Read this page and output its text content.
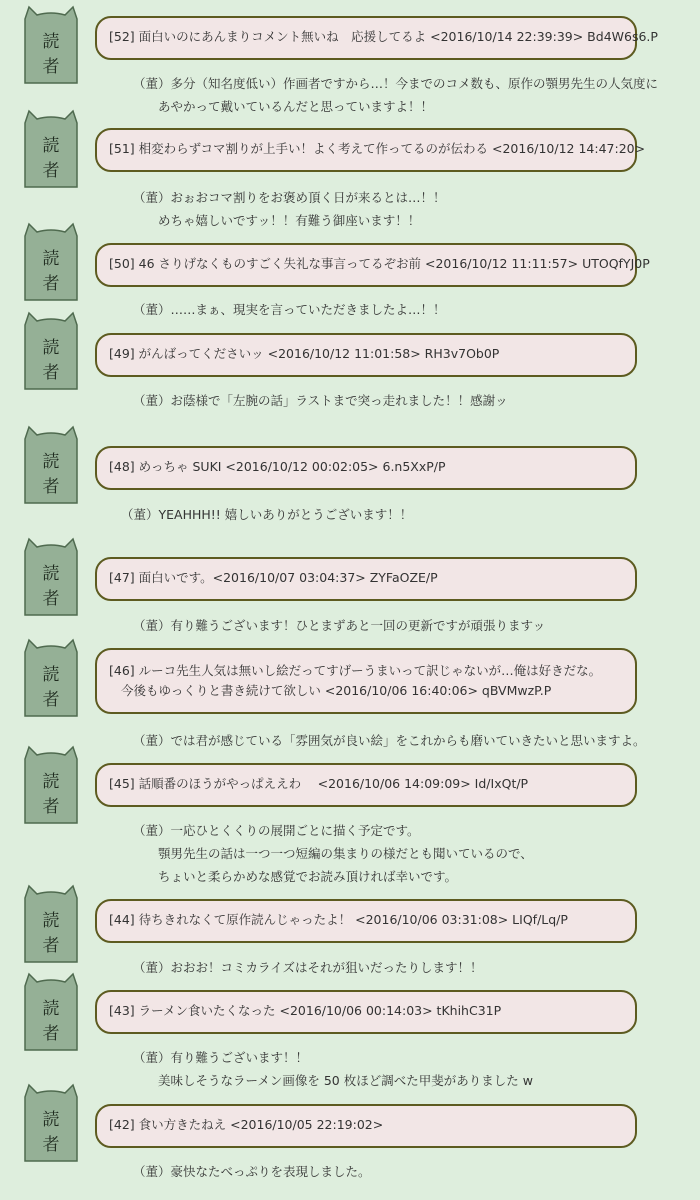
読
者
[52] 面白いのにあんまりコメント無いね　応援してるよ <2016/10/14 22:39:39> Bd4W6s6.P
（董）多分（知名度低い）作画者ですから…！今までのコメ数も、原作の顎男先生の人気度に
あやかって戴いているんだと思っていますよ！！
読
者
[51] 相変わらずコマ割りが上手い！よく考えて作ってるのが伝わる <2016/10/12 14:47:20>
（董）おぉおコマ割りをお褒め頂く日が来るとは…！！
めちゃ嬉しいですッ！！有難う御座います！！
読
者
[50] 46 さりげなくものすごく失礼な事言ってるぞお前 <2016/10/12 11:11:57> UTOQfYJ0P
（董）……まぁ、現実を言っていただきましたよ…！！
読
者
[49] がんばってくださいッ <2016/10/12 11:01:58> RH3v7Ob0P
（董）お蔭様で「左腕の話」ラストまで突っ走れました！！感謝ッ
読
者
[48] めっちゃ SUKI <2016/10/12 00:02:05> 6.n5XxP/P
（董）YEAHHH!! 嬉しいありがとうございます！！
読
者
[47] 面白いです。<2016/10/07 03:04:37> ZYFaOZE/P
（董）有り難うございます！ひとまずあと一回の更新ですが頑張りますッ
読
者
[46] ルーコ先生人気は無いし絵だってすげーうまいって訳じゃないが…俺は好きだな。
今後もゆっくりと書き続けて欲しい <2016/10/06 16:40:06> qBVMwzP.P
（董）では君が感じている「雰囲気が良い絵」をこれからも磨いていきたいと思いますよ。
読
者
[45] 話順番のほうがやっぱええわ　 <2016/10/06 14:09:09> Id/IxQt/P
（董）一応ひとくくりの展開ごとに描く予定です。
顎男先生の話は一つ一つ短編の集まりの様だとも聞いているので、
ちょいと柔らかめな感覚でお読み頂ければ幸いです。
読
者
[44] 待ちきれなくて原作読んじゃったよ！ <2016/10/06 03:31:08> LIQf/Lq/P
（董）おおお！コミカライズはそれが狙いだったりします！！
読
者
[43] ラーメン食いたくなった <2016/10/06 00:14:03> tKhihC31P
（董）有り難うございます！！
美味しそうなラーメン画像を 50 枚ほど調べた甲斐がありました w
読
者
[42] 食い方きたねえ <2016/10/05 22:19:02>
（董）豪快なたべっぷりを表現しました。
